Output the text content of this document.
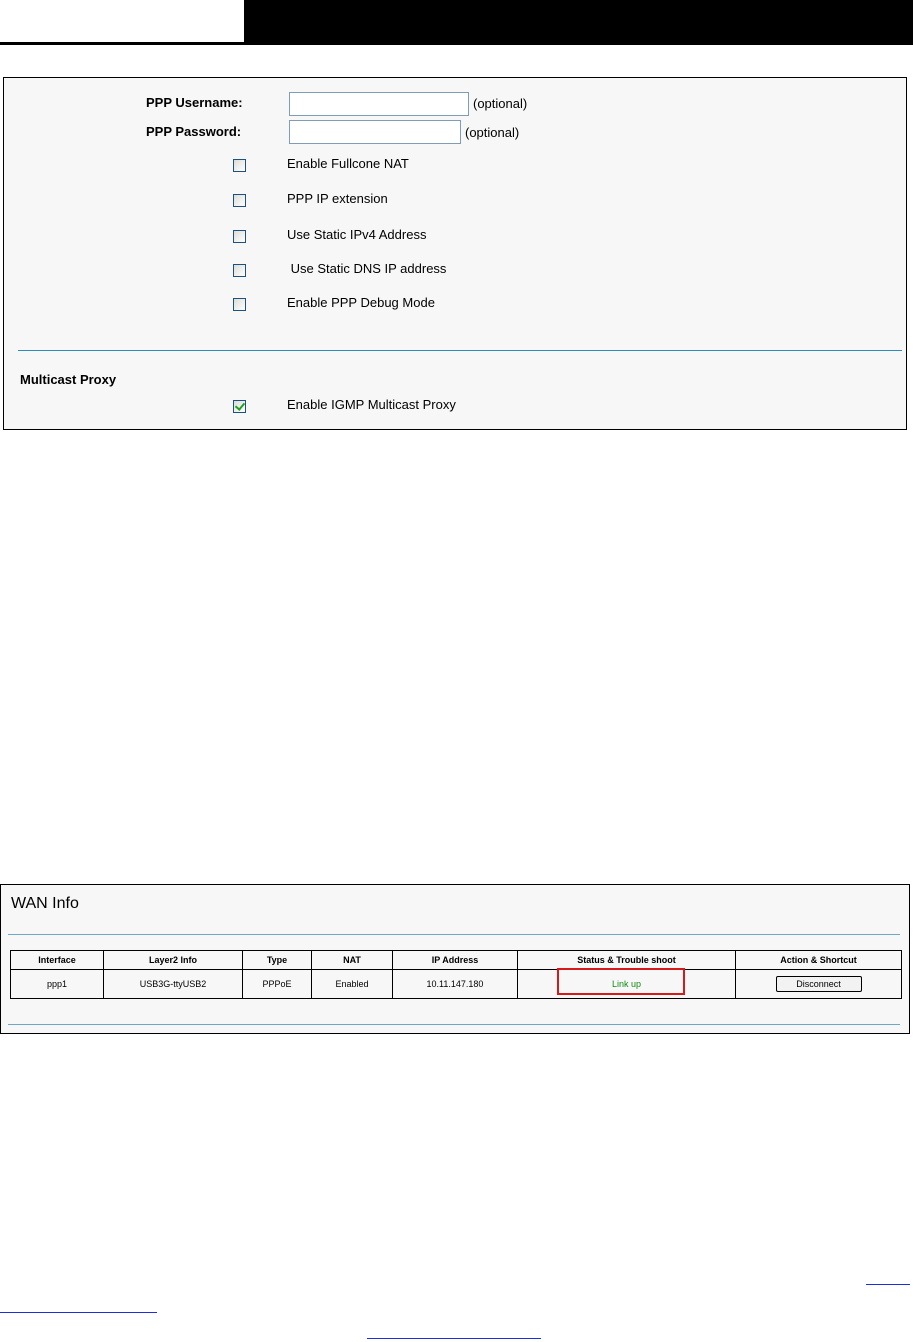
PPP Username:	(optional)
PPP Password:	(optional)
Enable Fullcone NAT
PPP IP extension
Use Static IPv4 Address
Use Static DNS IP address
Enable PPP Debug Mode
Multicast Proxy
Enable IGMP Multicast Proxy
WAN Info
Interface	Layer2 Info	Type	NAT	IP Address	Status & Trouble shoot	Action & Shortcut
ppp1	USB3G-ttyUSB2	PPPoE	Enabled	10.11.147.180	Link up	Disconnect
